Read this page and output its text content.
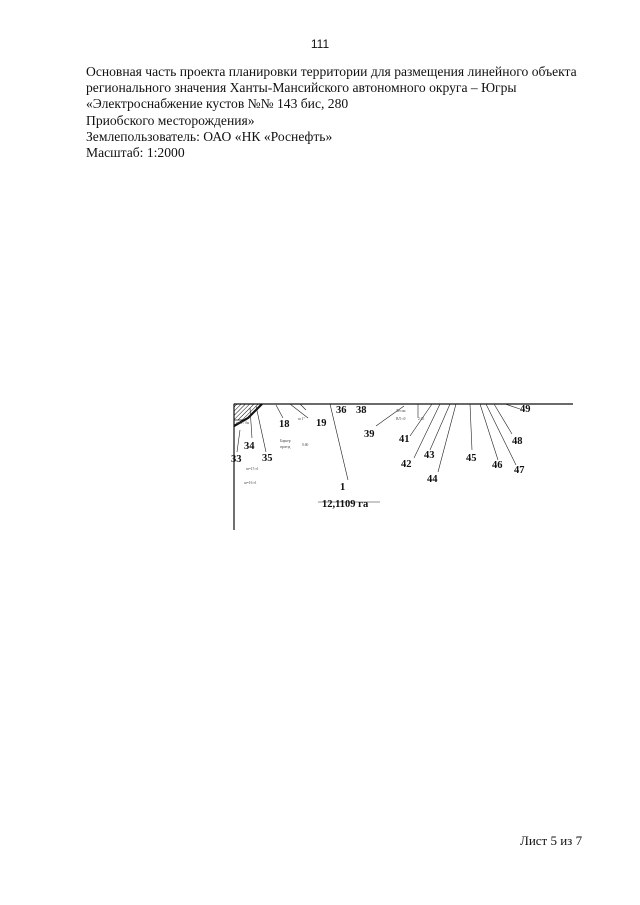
111
Основная часть проекта планировки территории для размещения линейного объекта
регионального значения Ханты-Мансийского автономного округа – Югры
«Электроснабжение кустов №№ 143 бис, 280
Приобского месторождения»
Землепользователь: ОАО «НК «Роснефть»
Масштаб: 1:2000
ш=17 бн
ш 1°
Барьер
проезд	0.60
Лесон
ВЛ ≈0	2.05
ш=15 т1
ш=16 т1
36 38	49
18	19
39 41	48
34
43
42
45
33 35
46 47
44
1
12,1109 га
Лист 5 из 7
